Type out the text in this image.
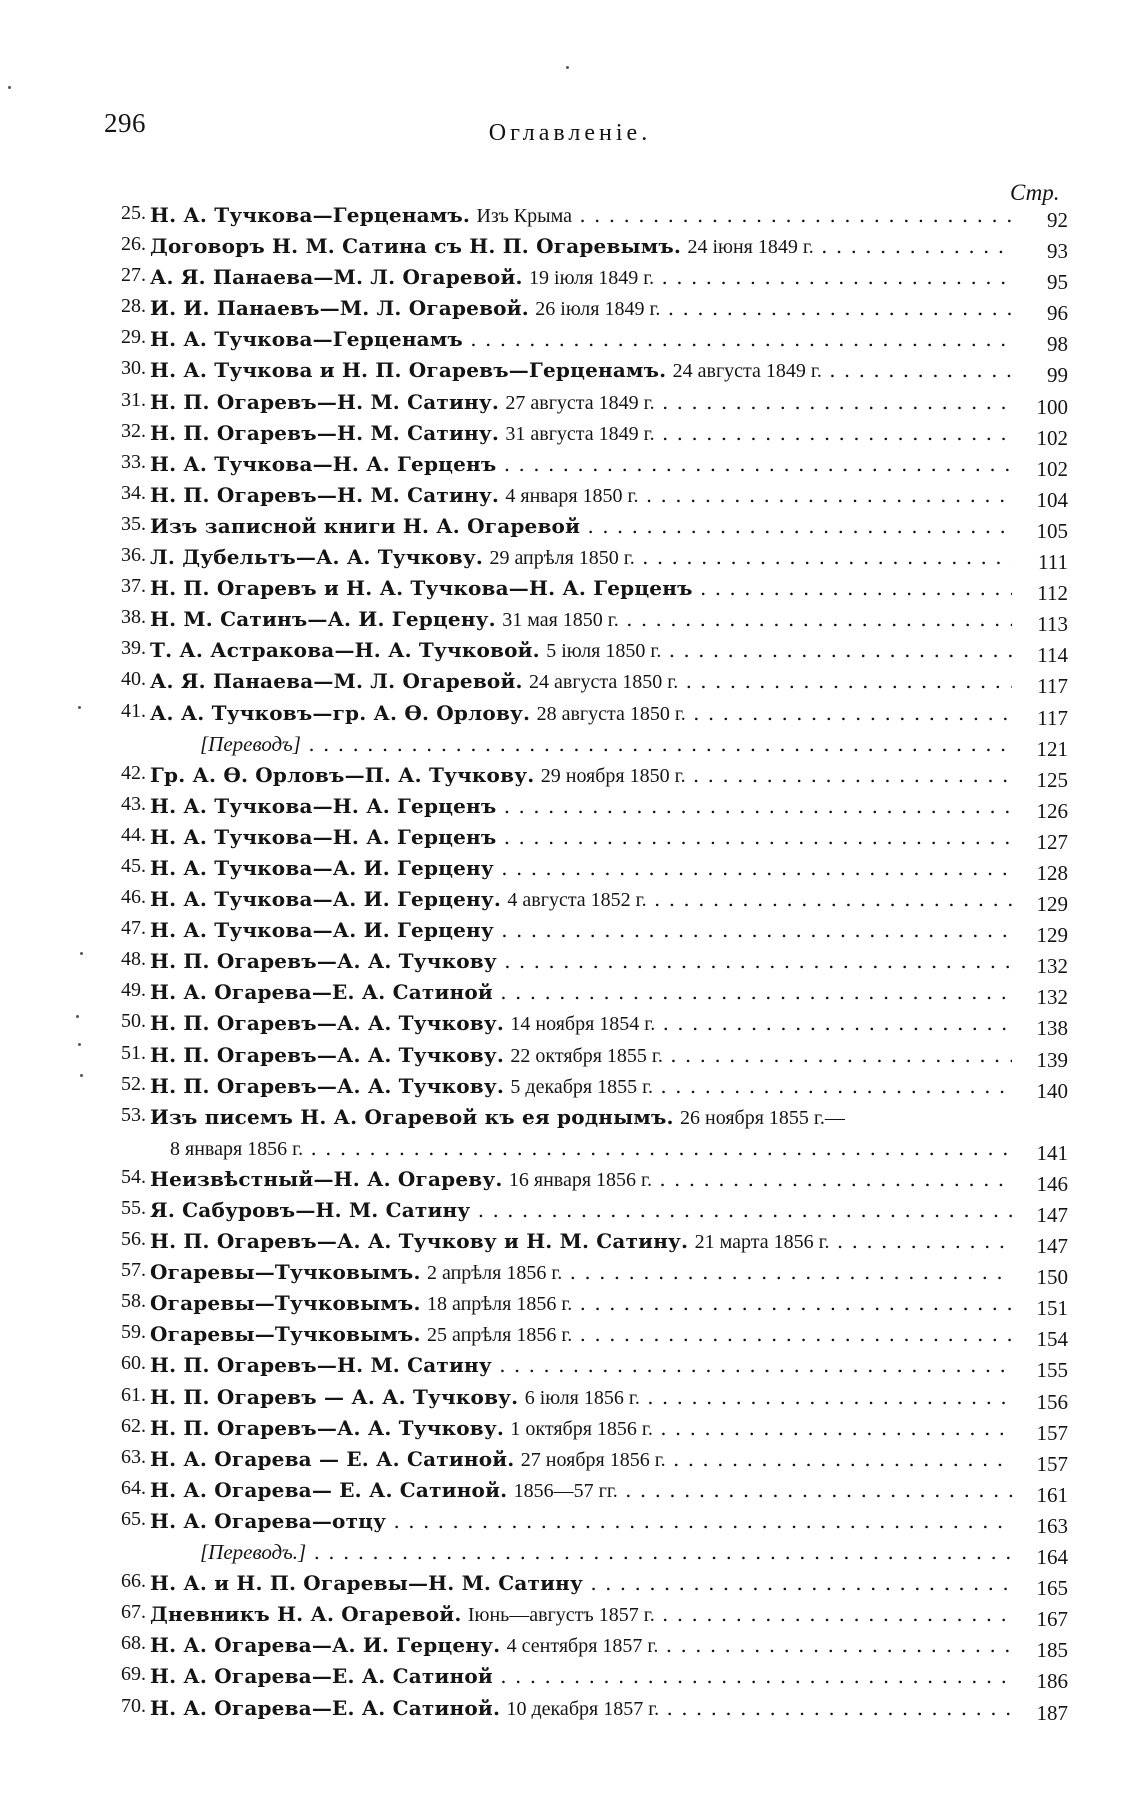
296	Оглавленіе.
Стр.
25. Н. А. Тучкова—Герценамъ. Изъ Крыма . . .	92
26. Договоръ Н. М. Сатина съ Н. П. Огаревымъ. 24 іюня 1849 г. . . .	93
27. А. Я. Панаева—М. Л. Огаревой. 19 іюля 1849 г. . . .	95
28. И. И. Панаевъ—М. Л. Огаревой. 26 іюля 1849 г. . . .	96
29. Н. А. Тучкова—Герценамъ . . .	98
30. Н. А. Тучкова и Н. П. Огаревъ—Герценамъ. 24 августа 1849 г. . . .	99
31. Н. П. Огаревъ—Н. М. Сатину. 27 августа 1849 г. . . .	100
32. Н. П. Огаревъ—Н. М. Сатину. 31 августа 1849 г. . . .	102
33. Н. А. Тучкова—Н. А. Герценъ . . .	102
34. Н. П. Огаревъ—Н. М. Сатину. 4 января 1850 г. . . .	104
35. Изъ записной книги Н. А. Огаревой . . .	105
36. Л. Дубельтъ—А. А. Тучкову. 29 апрѣля 1850 г. . . .	111
37. Н. П. Огаревъ и Н. А. Тучкова—Н. А. Герценъ . . .	112
38. Н. М. Сатинъ—А. И. Герцену. 31 мая 1850 г. . . .	113
39. Т. А. Астракова—Н. А. Тучковой. 5 іюля 1850 г. . . .	114
40. А. Я. Панаева—М. Л. Огаревой. 24 августа 1850 г. . . .	117
41. А. А. Тучковъ—гр. А. Ѳ. Орлову. 28 августа 1850 г. . . .	117
[Переводъ] . . .	121
42. Гр. А. Ѳ. Орловъ—П. А. Тучкову. 29 ноября 1850 г. . . .	125
43. Н. А. Тучкова—Н. А. Герценъ . . .	126
44. Н. А. Тучкова—Н. А. Герценъ . . .	127
45. Н. А. Тучкова—А. И. Герцену . . .	128
46. Н. А. Тучкова—А. И. Герцену. 4 августа 1852 г. . . .	129
47. Н. А. Тучкова—А. И. Герцену . . .	129
48. Н. П. Огаревъ—А. А. Тучкову . . .	132
49. Н. А. Огарева—Е. А. Сатиной . . .	132
50. Н. П. Огаревъ—А. А. Тучкову. 14 ноября 1854 г. . . .	138
51. Н. П. Огаревъ—А. А. Тучкову. 22 октября 1855 г. . . .	139
52. Н. П. Огаревъ—А. А. Тучкову. 5 декабря 1855 г. . . .	140
53. Изъ писемъ Н. А. Огаревой къ ея роднымъ. 26 ноября 1855 г.—
8 января 1856 г. . . .	141
54. Неизвѣстный—Н. А. Огареву. 16 января 1856 г. . . .	146
55. Я. Сабуровъ—Н. М. Сатину . . .	147
56. Н. П. Огаревъ—А. А. Тучкову и Н. М. Сатину. 21 марта 1856 г. . . .	147
57. Огаревы—Тучковымъ. 2 апрѣля 1856 г. . . .	150
58. Огаревы—Тучковымъ. 18 апрѣля 1856 г. . . .	151
59. Огаревы—Тучковымъ. 25 апрѣля 1856 г. . . .	154
60. Н. П. Огаревъ—Н. М. Сатину . . .	155
61. Н. П. Огаревъ — А. А. Тучкову. 6 іюля 1856 г. . . .	156
62. Н. П. Огаревъ—А. А. Тучкову. 1 октября 1856 г. . . .	157
63. Н. А. Огарева — Е. А. Сатиной. 27 ноября 1856 г. . . .	157
64. Н. А. Огарева— Е. А. Сатиной. 1856—57 гг. . . .	161
65. Н. А. Огарева—отцу . . .	163
[Переводъ.] . . .	164
66. Н. А. и Н. П. Огаревы—Н. М. Сатину . . .	165
67. Дневникъ Н. А. Огаревой. Іюнь—августъ 1857 г. . . .	167
68. Н. А. Огарева—А. И. Герцену. 4 сентября 1857 г. . . .	185
69. Н. А. Огарева—Е. А. Сатиной . . .	186
70. Н. А. Огарева—Е. А. Сатиной. 10 декабря 1857 г. . . .	187
